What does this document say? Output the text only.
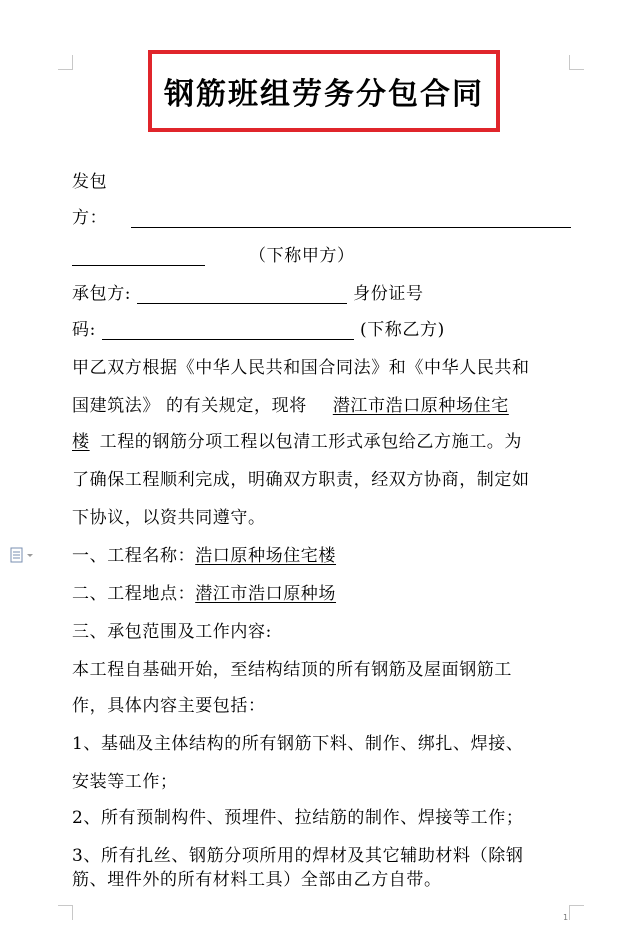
钢筋班组劳务分包合同
发包
方：
（下称甲方）
承包方:	身份证号
码:	(下称乙方)
甲乙双方根据《中华人民共和国合同法》和《中华人民共和
国建筑法》 的有关规定，现将 潜江市浩口原种场住宅
楼 工程的钢筋分项工程以包清工形式承包给乙方施工。为
了确保工程顺利完成，明确双方职责，经双方协商，制定如
下协议，以资共同遵守。
一、工程名称：浩口原种场住宅楼
二、工程地点：潜江市浩口原种场
三、承包范围及工作内容:
本工程自基础开始，至结构结顶的所有钢筋及屋面钢筋工
作，具体内容主要包括：
1、基础及主体结构的所有钢筋下料、制作、绑扎、焊接、
安装等工作；
2、所有预制构件、预埋件、拉结筋的制作、焊接等工作；
3、所有扎丝、钢筋分项所用的焊材及其它辅助材料（除钢
筋、埋件外的所有材料工具）全部由乙方自带。
1
